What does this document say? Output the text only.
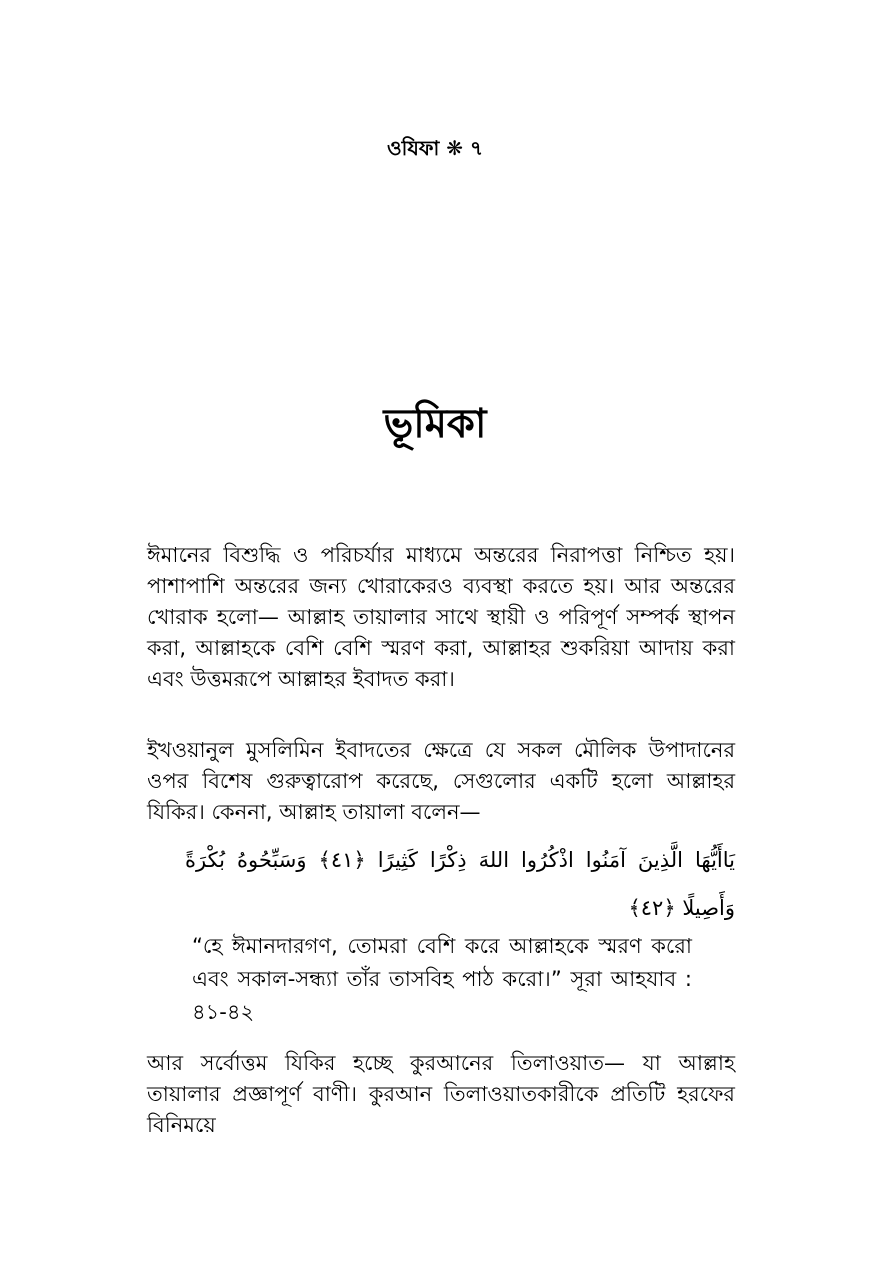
ওযিফা ❋ ৭
ভূমিকা

ঈমানের বিশুদ্ধি ও পরিচর্যার মাধ্যমে অন্তরের নিরাপত্তা নিশ্চিত হয়। পাশাপাশি অন্তরের জন্য খোরাকেরও ব্যবস্থা করতে হয়। আর অন্তরের খোরাক হলো— আল্লাহ তায়ালার সাথে স্থায়ী ও পরিপূর্ণ সম্পর্ক স্থাপন করা, আল্লাহকে বেশি বেশি স্মরণ করা, আল্লাহর শুকরিয়া আদায় করা এবং উত্তমরূপে আল্লাহর ইবাদত করা।

ইখওয়ানুল মুসলিমিন ইবাদতের ক্ষেত্রে যে সকল মৌলিক উপাদানের ওপর বিশেষ গুরুত্বারোপ করেছে, সেগুলোর একটি হলো আল্লাহর যিকির। কেননা, আল্লাহ তায়ালা বলেন—

يَاأَيُّهَا الَّذِينَ آمَنُوا اذْكُرُوا اللهَ ذِكْرًا كَثِيرًا ﴿٤١﴾ وَسَبِّحُوهُ بُكْرَةً وَأَصِيلًا ﴿٤٢﴾

“হে ঈমানদারগণ, তোমরা বেশি করে আল্লাহকে স্মরণ করো এবং সকাল-সন্ধ্যা তাঁর তাসবিহ পাঠ করো।” সূরা আহযাব : ৪১-৪২

আর সর্বোত্তম যিকির হচ্ছে কুরআনের তিলাওয়াত— যা আল্লাহ তায়ালার প্রজ্ঞাপূর্ণ বাণী। কুরআন তিলাওয়াতকারীকে প্রতিটি হরফের বিনিময়ে
